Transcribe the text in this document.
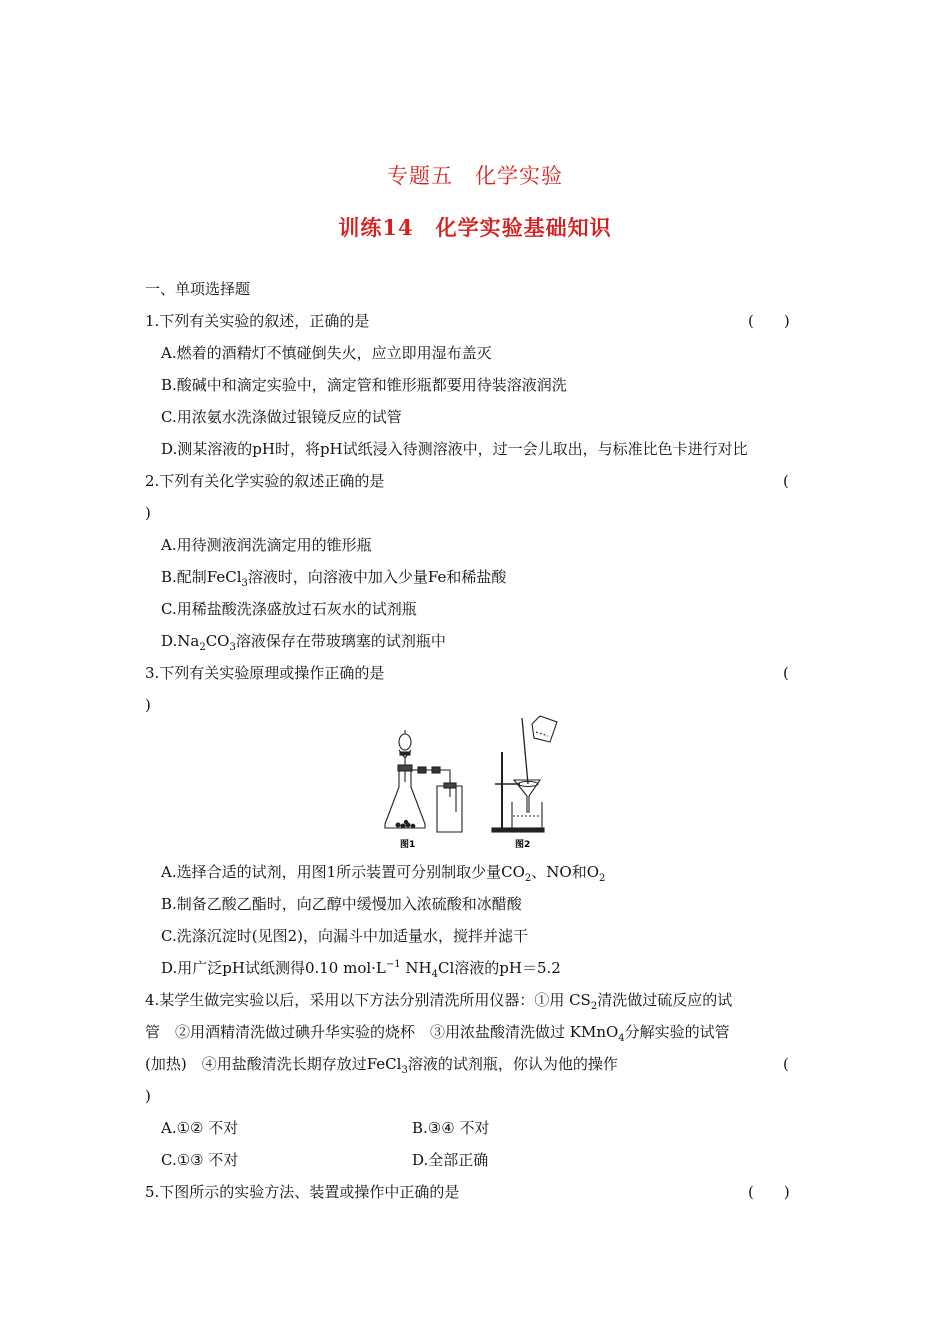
专题五　化学实验
训练14　化学实验基础知识
一、单项选择题
1.下列有关实验的叙述，正确的是	(　　)
A.燃着的酒精灯不慎碰倒失火，应立即用湿布盖灭
B.酸碱中和滴定实验中，滴定管和锥形瓶都要用待装溶液润洗
C.用浓氨水洗涤做过银镜反应的试管
D.测某溶液的pH时，将pH试纸浸入待测溶液中，过一会儿取出，与标准比色卡进行对比
2.下列有关化学实验的叙述正确的是	(
)
A.用待测液润洗滴定用的锥形瓶
B.配制FeCl$_3$溶液时，向溶液中加入少量Fe和稀盐酸
C.用稀盐酸洗涤盛放过石灰水的试剂瓶
$D.Na_2CO_3$溶液保存在带玻璃塞的试剂瓶中
3.下列有关实验原理或操作正确的是	(
)
图1	图2
A.选择合适的试剂，用图1所示装置可分别制取少量$CO_2$、NO和$O_2$
B.制备乙酸乙酯时，向乙醇中缓慢加入浓硫酸和冰醋酸
C.洗涤沉淀时(见图2)，向漏斗中加适量水，搅拌并滤干
D.用广泛pH试纸测得0.10 $mol\cdot L^{-1}$ $NH_4Cl$溶液的pH＝5.2
4.某学生做完实验以后，采用以下方法分别清洗所用仪器：①用 $CS_2$清洗做过硫反应的试
管　②用酒精清洗做过碘升华实验的烧杯　③用浓盐酸清洗做过 KMnO$_4$分解实验的试管
(加热)　④用盐酸清洗长期存放过FeCl$_3$溶液的试剂瓶，你认为他的操作	(
)
A.①② 不对	B.③④ 不对
C.①③ 不对	D.全部正确
5.下图所示的实验方法、装置或操作中正确的是	(　　)
